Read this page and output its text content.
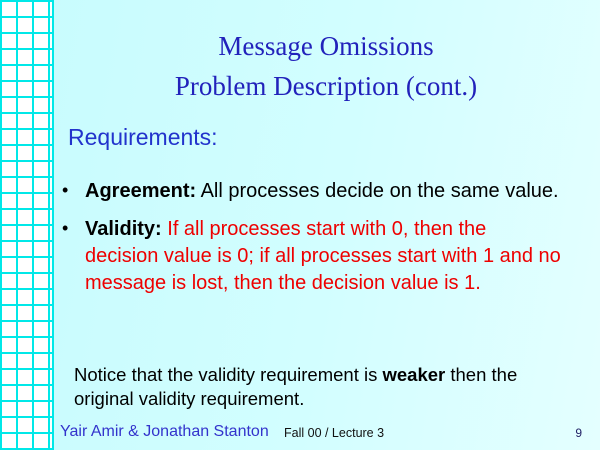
Message Omissions
Problem Description (cont.)
Requirements:
• Agreement: All processes decide on the same value.
• Validity: If all processes start with 0, then the decision value is 0; if all processes start with 1 and no message is lost, then the decision value is 1.
Notice that the validity requirement is weaker then the original validity requirement.
Yair Amir & Jonathan Stanton Fall 00 / Lecture 3	9
